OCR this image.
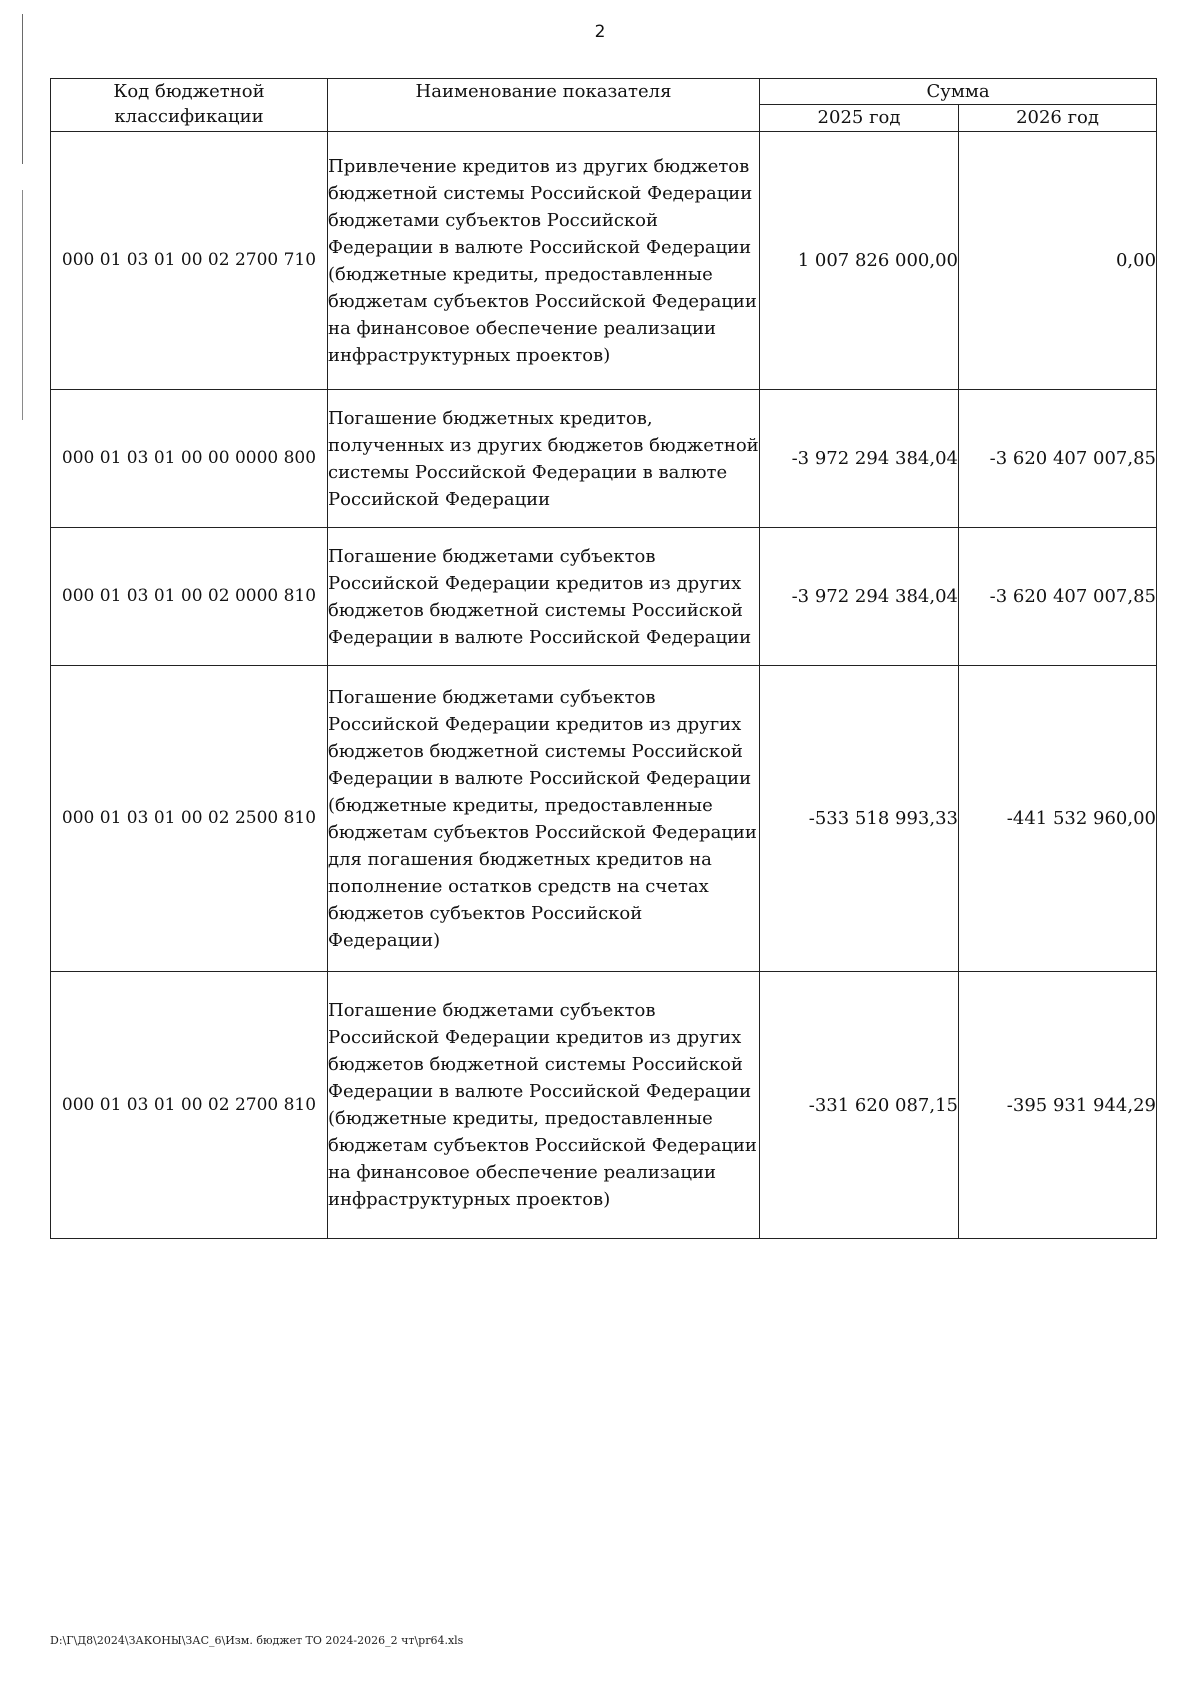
2
Код бюджетной классификации	Наименование показателя	Сумма	
		2025 год	2026 год
000 01 03 01 00 02 2700 710	Привлечение кредитов из других бюджетов бюджетной системы Российской Федерации бюджетами субъектов Российской Федерации в валюте Российской Федерации (бюджетные кредиты, предоставленные бюджетам субъектов Российской Федерации на финансовое обеспечение реализации инфраструктурных проектов)	1 007 826 000,00	0,00
000 01 03 01 00 00 0000 800	Погашение бюджетных кредитов, полученных из других бюджетов бюджетной системы Российской Федерации в валюте Российской Федерации	-3 972 294 384,04	-3 620 407 007,85
000 01 03 01 00 02 0000 810	Погашение бюджетами субъектов Российской Федерации кредитов из других бюджетов бюджетной системы Российской Федерации в валюте Российской Федерации	-3 972 294 384,04	-3 620 407 007,85
000 01 03 01 00 02 2500 810	Погашение бюджетами субъектов Российской Федерации кредитов из других бюджетов бюджетной системы Российской Федерации в валюте Российской Федерации (бюджетные кредиты, предоставленные бюджетам субъектов Российской Федерации для погашения бюджетных кредитов на пополнение остатков средств на счетах бюджетов субъектов Российской Федерации)	-533 518 993,33	-441 532 960,00
000 01 03 01 00 02 2700 810	Погашение бюджетами субъектов Российской Федерации кредитов из других бюджетов бюджетной системы Российской Федерации в валюте Российской Федерации (бюджетные кредиты, предоставленные бюджетам субъектов Российской Федерации на финансовое обеспечение реализации инфраструктурных проектов)	-331 620 087,15	-395 931 944,29
D:\Г\Д8\2024\ЗАКОНЫ\ЗАС_6\Изм. бюджет ТО 2024-2026_2 чт\pr64.xls
